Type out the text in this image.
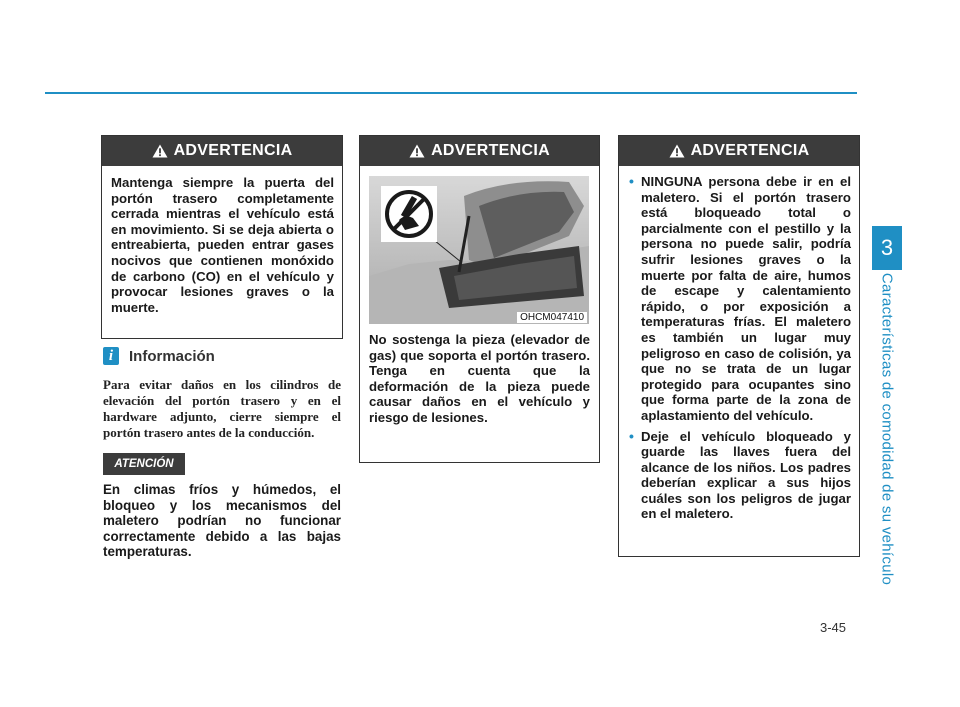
3
Características de comodidad de su vehículo
ADVERTENCIA
Mantenga siempre la puerta del portón trasero completamente cerrada mientras el vehículo está en movimiento. Si se deja abierta o entreabierta, pueden entrar gases nocivos que contienen monóxido de carbono (CO) en el vehículo y provocar lesiones graves o la muerte.
i	Información
Para evitar daños en los cilindros de elevación del portón trasero y en el hardware adjunto, cierre siempre el portón trasero antes de la conducción.
ATENCIÓN
En climas fríos y húmedos, el bloqueo y los mecanismos del maletero podrían no funcionar correctamente debido a las bajas temperaturas.
ADVERTENCIA
OHCM047410
No sostenga la pieza (elevador de gas) que soporta el portón trasero. Tenga en cuenta que la deformación de la pieza puede causar daños en el vehículo y riesgo de lesiones.
ADVERTENCIA
• NINGUNA persona debe ir en el maletero. Si el portón trasero está bloqueado total o parcialmente con el pestillo y la persona no puede salir, podría sufrir lesiones graves o la muerte por falta de aire, humos de escape y calentamiento rápido, o por exposición a temperaturas frías. El maletero es también un lugar muy peligroso en caso de colisión, ya que no se trata de un lugar protegido para ocupantes sino que forma parte de la zona de aplastamiento del vehículo.
• Deje el vehículo bloqueado y guarde las llaves fuera del alcance de los niños. Los padres deberían explicar a sus hijos cuáles son los peligros de jugar en el maletero.
3-45
